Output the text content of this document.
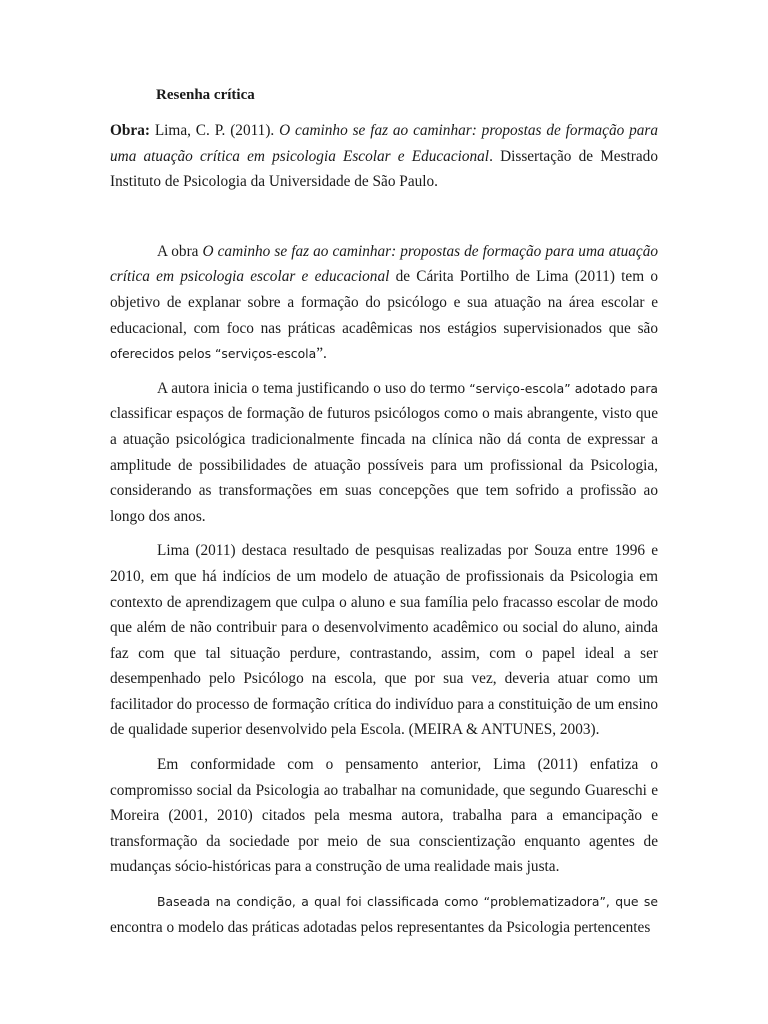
Resenha crítica

Obra: Lima, C. P. (2011). O caminho se faz ao caminhar: propostas de formação para uma atuação crítica em psicologia Escolar e Educacional. Dissertação de Mestrado Instituto de Psicologia da Universidade de São Paulo.

A obra O caminho se faz ao caminhar: propostas de formação para uma atuação crítica em psicologia escolar e educacional de Cárita Portilho de Lima (2011) tem o objetivo de explanar sobre a formação do psicólogo e sua atuação na área escolar e educacional, com foco nas práticas acadêmicas nos estágios supervisionados que são oferecidos pelos “serviços-escola”.

A autora inicia o tema justificando o uso do termo “serviço-escola” adotado para classificar espaços de formação de futuros psicólogos como o mais abrangente, visto que a atuação psicológica tradicionalmente fincada na clínica não dá conta de expressar a amplitude de possibilidades de atuação possíveis para um profissional da Psicologia, considerando as transformações em suas concepções que tem sofrido a profissão ao longo dos anos.

Lima (2011) destaca resultado de pesquisas realizadas por Souza entre 1996 e 2010, em que há indícios de um modelo de atuação de profissionais da Psicologia em contexto de aprendizagem que culpa o aluno e sua família pelo fracasso escolar de modo que além de não contribuir para o desenvolvimento acadêmico ou social do aluno, ainda faz com que tal situação perdure, contrastando, assim, com o papel ideal a ser desempenhado pelo Psicólogo na escola, que por sua vez, deveria atuar como um facilitador do processo de formação crítica do indivíduo para a constituição de um ensino de qualidade superior desenvolvido pela Escola. (MEIRA & ANTUNES, 2003).

Em conformidade com o pensamento anterior, Lima (2011) enfatiza o compromisso social da Psicologia ao trabalhar na comunidade, que segundo Guareschi e Moreira (2001, 2010) citados pela mesma autora, trabalha para a emancipação e transformação da sociedade por meio de sua conscientização enquanto agentes de mudanças sócio-históricas para a construção de uma realidade mais justa.

Baseada na condição, a qual foi classificada como “problematizadora”, que se encontra o modelo das práticas adotadas pelos representantes da Psicologia pertencentes
